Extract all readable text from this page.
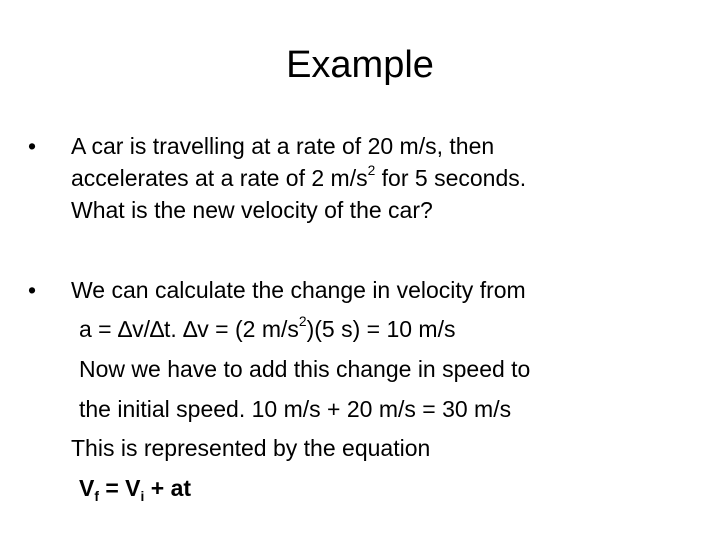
Example
• A car is travelling at a rate of 20 m/s, then
accelerates at a rate of 2 $m/s^2$ for 5 seconds.
What is the new velocity of the car?
• We can calculate the change in velocity from
a = ∆v/∆t. ∆v = (2 $m/s^2)(5$ s) = 10 m/s
Now we have to add this change in speed to
the initial speed. 10 m/s + 20 m/s = 30 m/s
This is represented by the equation
$V_f = V_i$ + at
